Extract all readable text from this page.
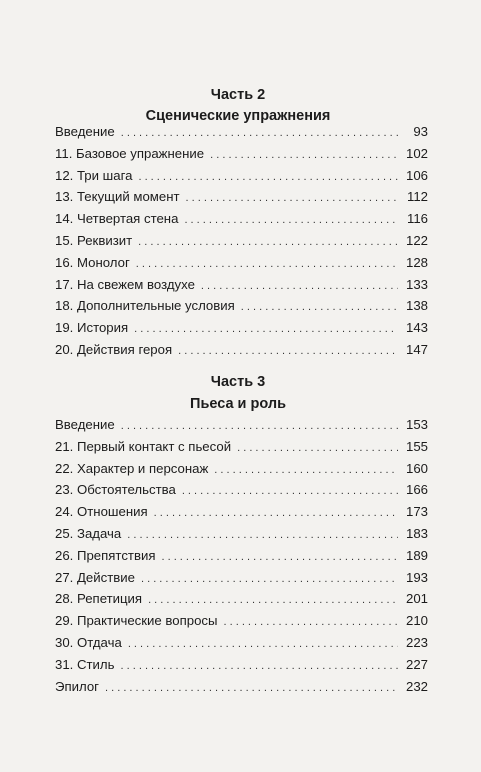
Часть 2
Сценические упражнения
Введение . . .	93
11. Базовое упражнение . . .	102
12. Три шага . . .	106
13. Текущий момент . . .	112
14. Четвертая стена . . .	116
15. Реквизит . . .	122
16. Монолог . . .	128
17. На свежем воздухе . . .	133
18. Дополнительные условия . . .	138
19. История . . .	143
20. Действия героя . . .	147
Часть 3
Пьеса и роль
Введение . . .	153
21. Первый контакт с пьесой . . .	155
22. Характер и персонаж . . .	160
23. Обстоятельства . . .	166
24. Отношения . . .	173
25. Задача . . .	183
26. Препятствия . . .	189
27. Действие . . .	193
28. Репетиция . . .	201
29. Практические вопросы . . .	210
30. Отдача . . .	223
31. Стиль . . .	227
Эпилог . . .	232
